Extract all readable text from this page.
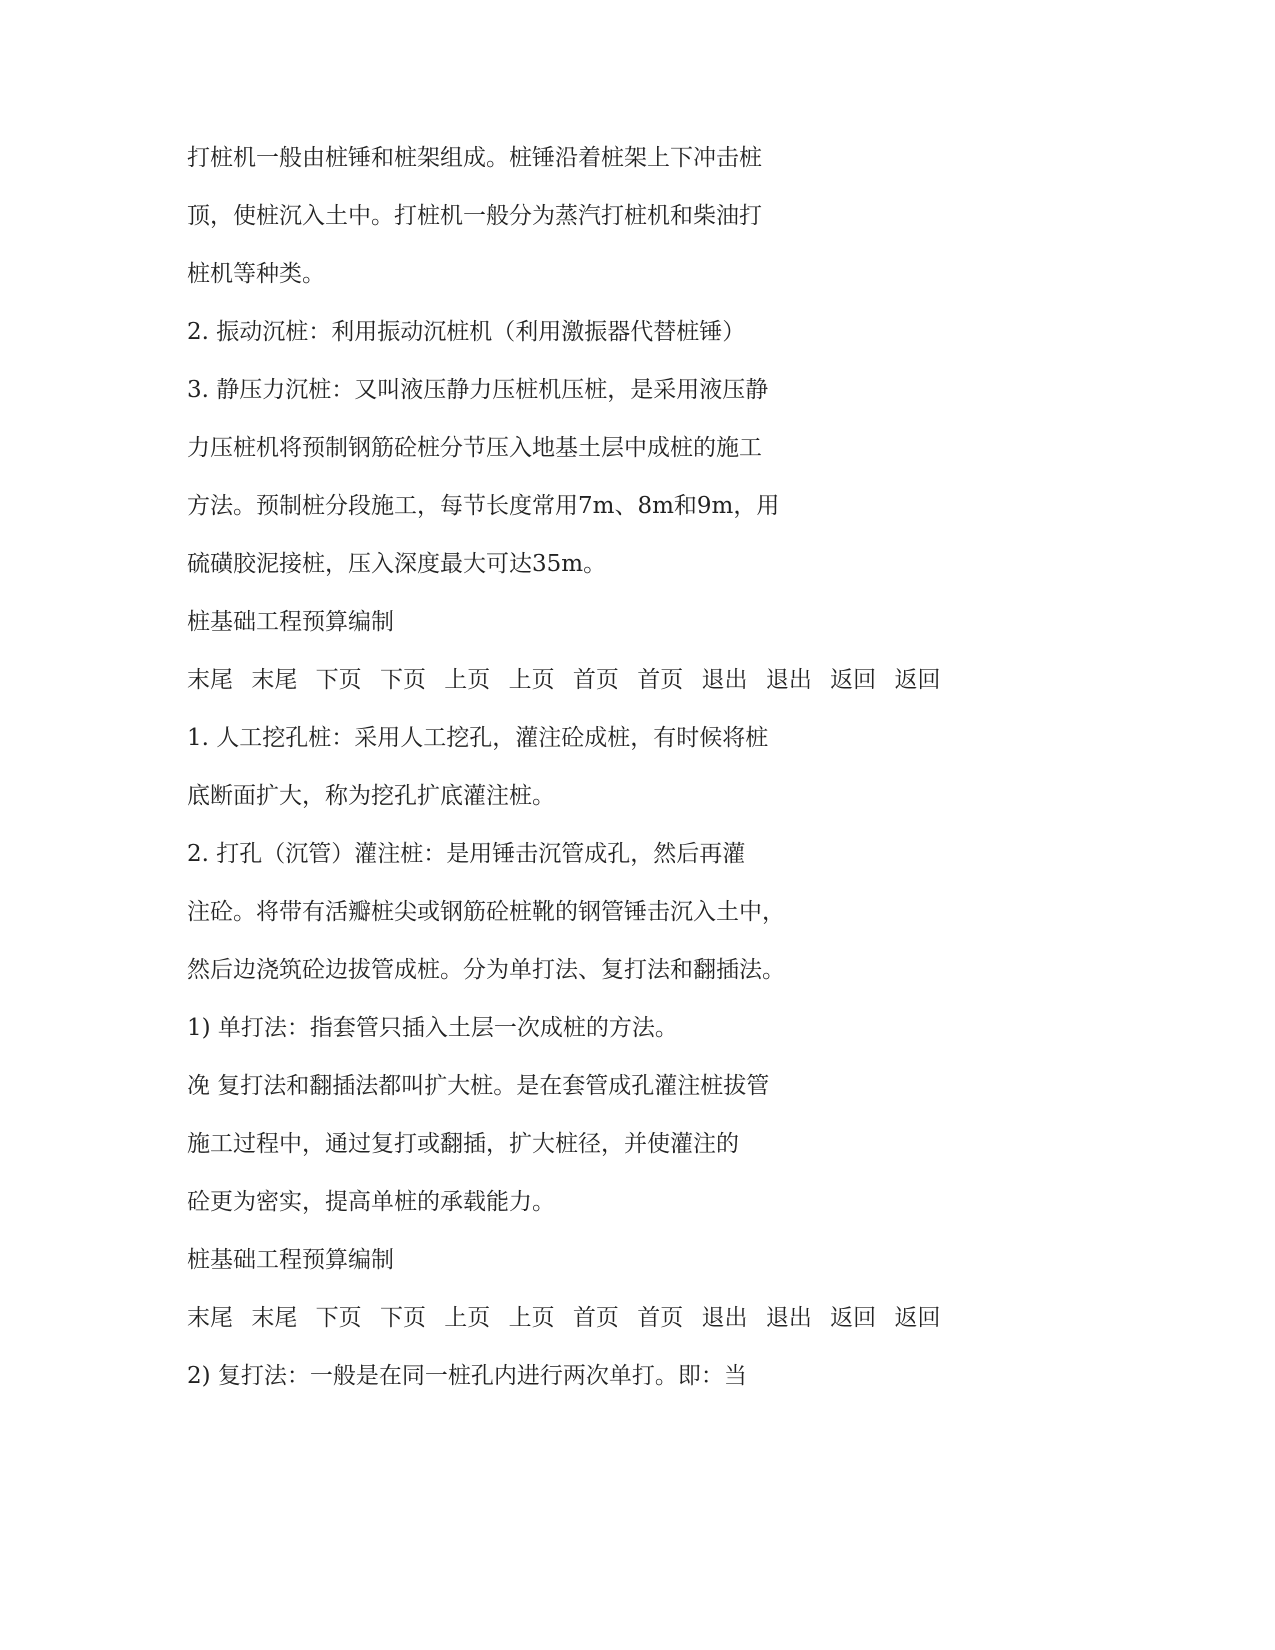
打桩机一般由桩锤和桩架组成。桩锤沿着桩架上下冲击桩
顶，使桩沉入土中。打桩机一般分为蒸汽打桩机和柴油打
桩机等种类。
2. 振动沉桩：利用振动沉桩机（利用激振器代替桩锤）
3. 静压力沉桩：又叫液压静力压桩机压桩，是采用液压静
力压桩机将预制钢筋砼桩分节压入地基土层中成桩的施工
方法。预制桩分段施工，每节长度常用7m、8m和9m，用
硫磺胶泥接桩，压入深度最大可达35m。
桩基础工程预算编制
末尾 末尾 下页 下页 上页 上页 首页 首页 退出 退出 返回 返回
1. 人工挖孔桩：采用人工挖孔，灌注砼成桩，有时候将桩
底断面扩大，称为挖孔扩底灌注桩。
2. 打孔（沉管）灌注桩：是用锤击沉管成孔，然后再灌
注砼。将带有活瓣桩尖或钢筋砼桩靴的钢管锤击沉入土中，
然后边浇筑砼边拔管成桩。分为单打法、复打法和翻插法。
1) 单打法：指套管只插入土层一次成桩的方法。
凂 复打法和翻插法都叫扩大桩。是在套管成孔灌注桩拔管
施工过程中，通过复打或翻插，扩大桩径，并使灌注的
砼更为密实，提高单桩的承载能力。
桩基础工程预算编制
末尾 末尾 下页 下页 上页 上页 首页 首页 退出 退出 返回 返回
2) 复打法：一般是在同一桩孔内进行两次单打。即：当
